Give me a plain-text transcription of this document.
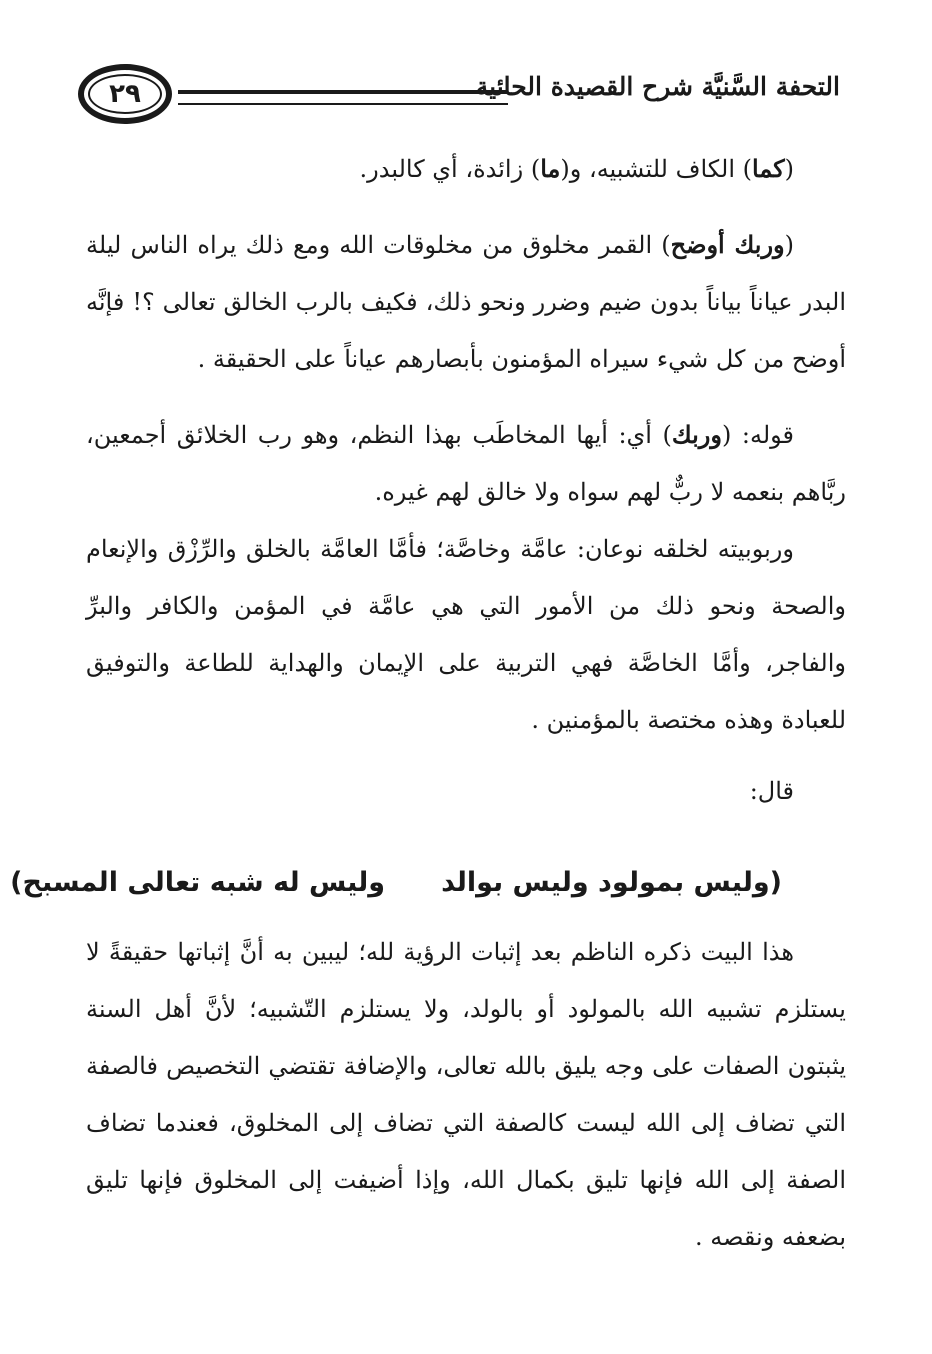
٢٩	التحفة السَّنيَّة شرح القصيدة الحائية

(كما) الكاف للتشبيه، و(ما) زائدة، أي كالبدر.

(وربك أوضح) القمر مخلوق من مخلوقات الله ومع ذلك يراه الناس ليلة البدر عياناً بياناً بدون ضيم وضرر ونحو ذلك، فكيف بالرب الخالق تعالى ؟! فإنَّه أوضح من كل شيء سيراه المؤمنون بأبصارهم عياناً على الحقيقة .

قوله: (وربك) أي: أيها المخاطَب بهذا النظم، وهو رب الخلائق أجمعين، ربَّاهم بنعمه لا ربٌّ لهم سواه ولا خالق لهم غيره.

وربوبيته لخلقه نوعان: عامَّة وخاصَّة؛ فأمَّا العامَّة بالخلق والرِّزْق والإنعام والصحة ونحو ذلك من الأمور التي هي عامَّة في المؤمن والكافر والبرِّ والفاجر، وأمَّا الخاصَّة فهي التربية على الإيمان والهداية للطاعة والتوفيق للعبادة وهذه مختصة بالمؤمنين .

قال:

(وليس بمولود وليس بوالدوليس له شبه تعالى المسبح)

هذا البيت ذكره الناظم بعد إثبات الرؤية لله؛ ليبين به أنَّ إثباتها حقيقةً لا يستلزم تشبيه الله بالمولود أو بالولد، ولا يستلزم التّشبيه؛ لأنَّ أهل السنة يثبتون الصفات على وجه يليق بالله تعالى، والإضافة تقتضي التخصيص فالصفة التي تضاف إلى الله ليست كالصفة التي تضاف إلى المخلوق، فعندما تضاف الصفة إلى الله فإنها تليق بكمال الله، وإذا أضيفت إلى المخلوق فإنها تليق بضعفه ونقصه .
